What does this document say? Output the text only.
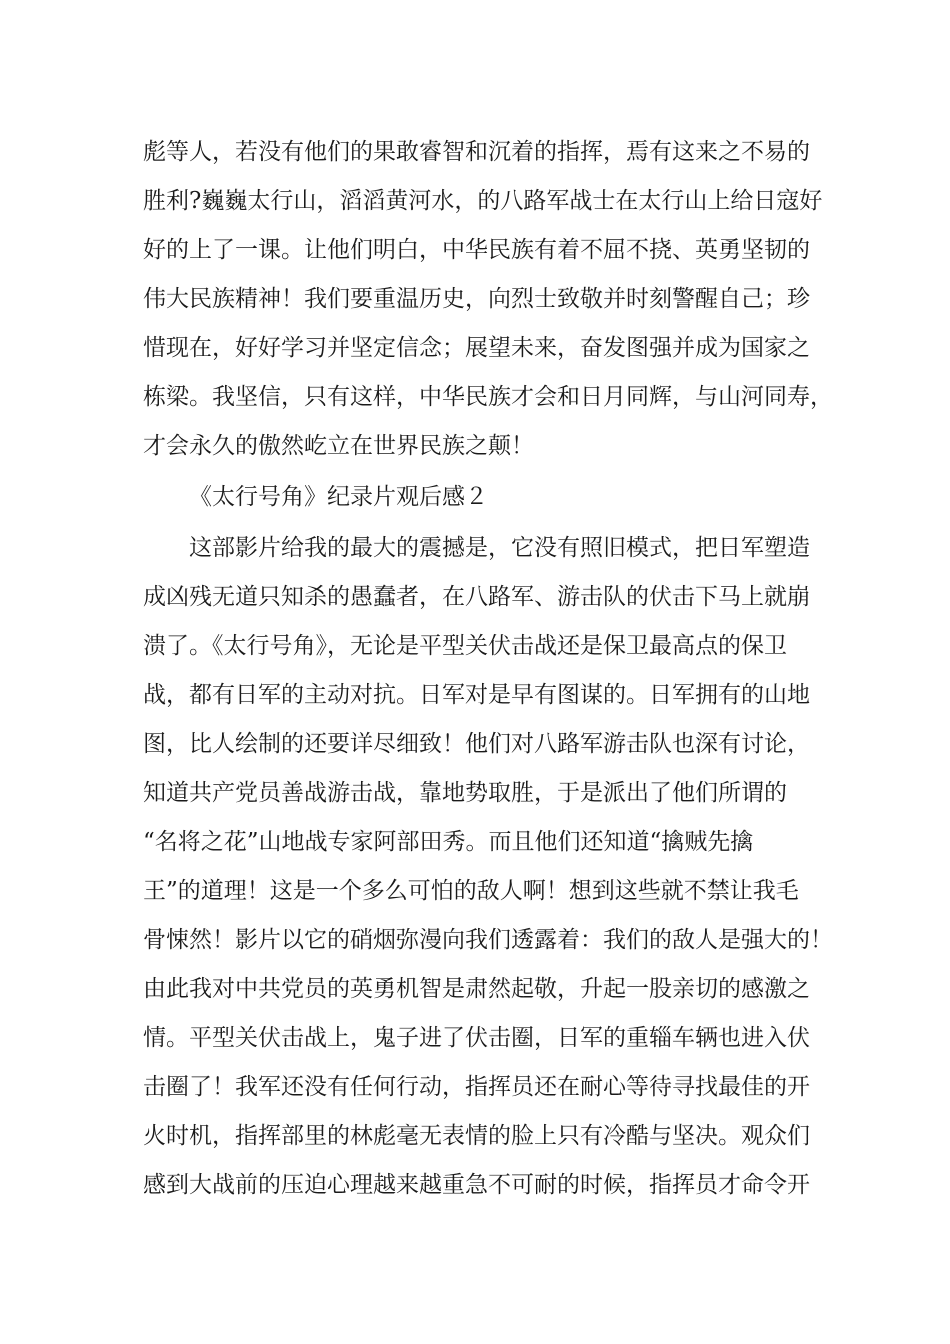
彪等人，若没有他们的果敢睿智和沉着的指挥，焉有这来之不易的
胜利?巍巍太行山，滔滔黄河水，的八路军战士在太行山上给日寇好
好的上了一课。让他们明白，中华民族有着不屈不挠、英勇坚韧的
伟大民族精神！我们要重温历史，向烈士致敬并时刻警醒自己；珍
惜现在，好好学习并坚定信念；展望未来，奋发图强并成为国家之
栋梁。我坚信，只有这样，中华民族才会和日月同辉，与山河同寿，
才会永久的傲然屹立在世界民族之颠！
《太行号角》纪录片观后感２
这部影片给我的最大的震撼是，它没有照旧模式，把日军塑造
成凶残无道只知杀的愚蠢者，在八路军、游击队的伏击下马上就崩
溃了。《太行号角》，无论是平型关伏击战还是保卫最高点的保卫
战，都有日军的主动对抗。日军对是早有图谋的。日军拥有的山地
图，比人绘制的还要详尽细致！他们对八路军游击队也深有讨论，
知道共产党员善战游击战，靠地势取胜，于是派出了他们所谓的
“名将之花”山地战专家阿部田秀。而且他们还知道“擒贼先擒
王”的道理！这是一个多么可怕的敌人啊！想到这些就不禁让我毛
骨悚然！影片以它的硝烟弥漫向我们透露着：我们的敌人是强大的！
由此我对中共党员的英勇机智是肃然起敬，升起一股亲切的感激之
情。平型关伏击战上，鬼子进了伏击圈，日军的重辎车辆也进入伏
击圈了！我军还没有任何行动，指挥员还在耐心等待寻找最佳的开
火时机，指挥部里的林彪毫无表情的脸上只有冷酷与坚决。观众们
感到大战前的压迫心理越来越重急不可耐的时候，指挥员才命令开
